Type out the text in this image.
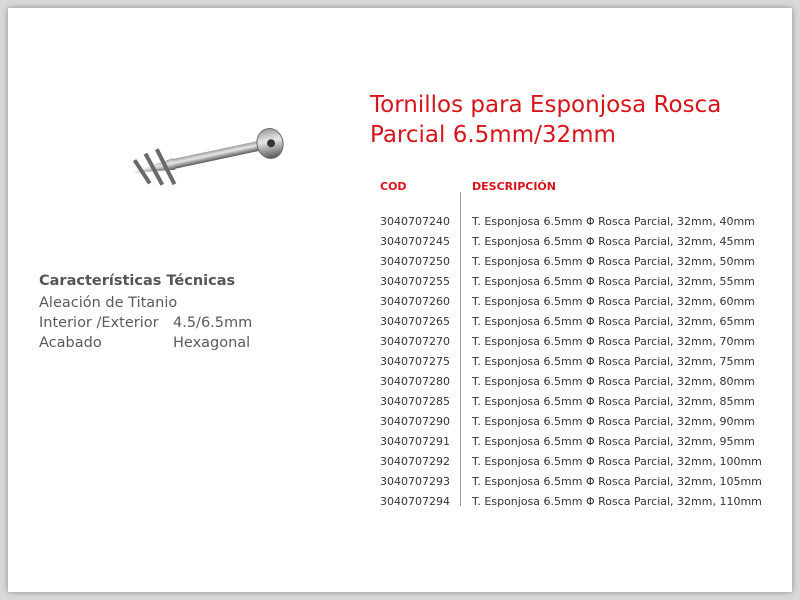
Tornillos para Esponjosa Rosca
Parcial 6.5mm/32mm
Características Técnicas
Aleación de Titanio
Interior /Exterior 4.5/6.5mm
Acabado	Hexagonal
COD	DESCRIPCIÓN
3040707240 T. Esponjosa 6.5mm Φ Rosca Parcial, 32mm, 40mm
3040707245 T. Esponjosa 6.5mm Φ Rosca Parcial, 32mm, 45mm
3040707250 T. Esponjosa 6.5mm Φ Rosca Parcial, 32mm, 50mm
3040707255 T. Esponjosa 6.5mm Φ Rosca Parcial, 32mm, 55mm
3040707260 T. Esponjosa 6.5mm Φ Rosca Parcial, 32mm, 60mm
3040707265 T. Esponjosa 6.5mm Φ Rosca Parcial, 32mm, 65mm
3040707270 T. Esponjosa 6.5mm Φ Rosca Parcial, 32mm, 70mm
3040707275 T. Esponjosa 6.5mm Φ Rosca Parcial, 32mm, 75mm
3040707280 T. Esponjosa 6.5mm Φ Rosca Parcial, 32mm, 80mm
3040707285 T. Esponjosa 6.5mm Φ Rosca Parcial, 32mm, 85mm
3040707290 T. Esponjosa 6.5mm Φ Rosca Parcial, 32mm, 90mm
3040707291 T. Esponjosa 6.5mm Φ Rosca Parcial, 32mm, 95mm
3040707292 T. Esponjosa 6.5mm Φ Rosca Parcial, 32mm, 100mm
3040707293 T. Esponjosa 6.5mm Φ Rosca Parcial, 32mm, 105mm
3040707294 T. Esponjosa 6.5mm Φ Rosca Parcial, 32mm, 110mm
